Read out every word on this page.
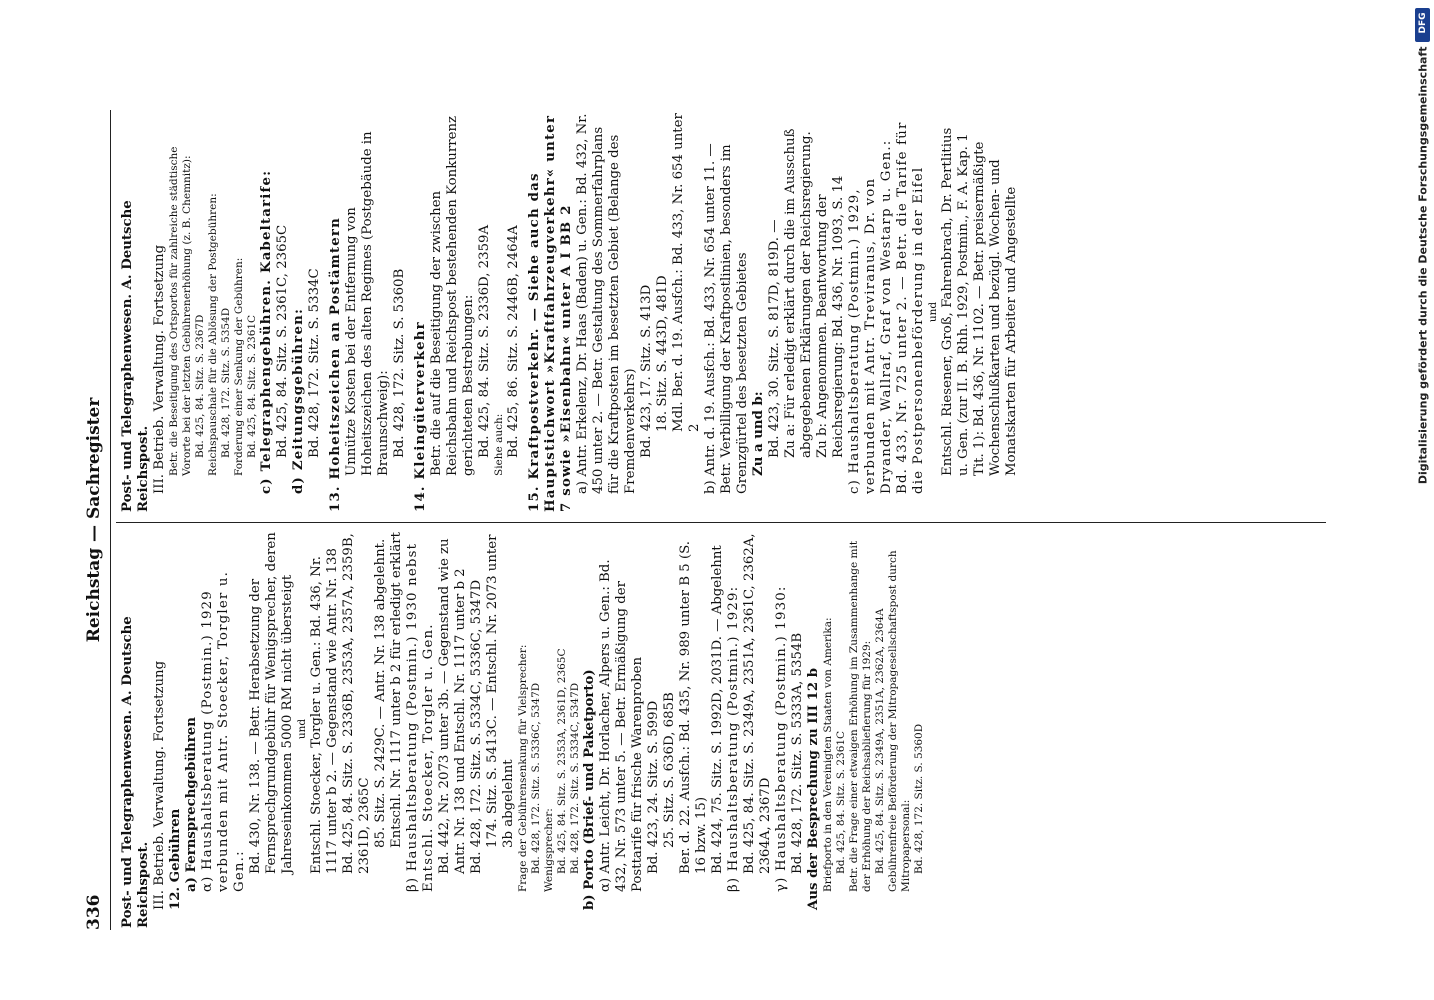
336
Reichstag — Sachregister

Post- und Telegraphenwesen. A. Deutsche Reichspost. III. Betrieb. Verwaltung. Fortsetzung 12. Gebühren a) Fernsprechgebühren α) Haushaltsberatung (Postmin.) 1929 verbunden mit Antr. Stoecker, Torgler u. Gen.: Bd. 430, Nr. 138. — Betr. Herabsetzung der Fernsprechgrundgebühr für Wenigsprecher, deren Jahreseinkommen 5000 RM nicht übersteigt und Entschl. Stoecker, Torgler u. Gen.: Bd. 436, Nr. 1117 unter b 2. — Gegenstand wie Antr. Nr. 138 Bd. 425, 84. Sitz. S. 2336B, 2353A, 2357A, 2359B, 2361D, 2365C 85. Sitz. S. 2429C. — Antr. Nr. 138 abgelehnt. Entschl. Nr. 1117 unter b 2 für erledigt erklärt β) Haushaltsberatung (Postmin.) 1930 nebst Entschl. Stoecker, Torgler u. Gen. Bd. 442, Nr. 2073 unter 3b. — Gegenstand wie zu Antr. Nr. 138 und Entschl. Nr. 1117 unter b 2 Bd. 428, 172. Sitz. S. 5334C, 5336C, 5347D 174. Sitz. S. 5413C. — Entschl. Nr. 2073 unter 3b abgelehnt Frage der Gebührensenkung für Vielsprecher: Bd. 428, 172. Sitz. S. 5336C, 5347D Wenigsprecher: Bd. 425, 84. Sitz. S. 2353A, 2361D, 2365C Bd. 428, 172. Sitz. S. 5334C, 5347D b) Porto (Brief- und Paketporto) α) Antr. Leicht, Dr. Horlacher, Alpers u. Gen.: Bd. 432, Nr. 573 unter 5. — Betr. Ermäßigung der Posttarife für frische Warenproben Bd. 423, 24. Sitz. S. 599D 25. Sitz. S. 636D, 685B Ber. d. 22. Ausfch.: Bd. 435, Nr. 989 unter B 5 (S. 16 bzw. 15) Bd. 424, 75. Sitz. S. 1992D, 2031D. — Abgelehnt β) Haushaltsberatung (Postmin.) 1929: Bd. 425, 84. Sitz. S. 2349A, 2351A, 2361C, 2362A, 2364A, 2367D γ) Haushaltsberatung (Postmin.) 1930: Bd. 428, 172. Sitz. S. 5333A, 5354B Aus der Besprechung zu III 12 b Briefporto in den Vereinigten Staaten von Amerika: Bd. 425, 84. Sitz. S. 2361C Betr. die Frage einer etwaigen Erhöhung im Zusammenhange mit der Erhöhung der Reichsabliefierung für 1929: Bd. 425, 84. Sitz. S. 2349A, 2351A, 2362A, 2364A Gebührenfreie Beförderung der Mitropagesellschaftspost durch Mitropapersonal: Bd. 428, 172. Sitz. S. 5360D

Post- und Telegraphenwesen. A. Deutsche Reichspost. III. Betrieb. Verwaltung. Fortsetzung Betr. die Beseitigung des Ortsportos für zahlreiche städtische Vororte bei der letzten Gebührenerhöhung (z. B. Chemnitz): Bd. 425, 84. Sitz. S. 2367D Reichspauschale für die Ablösung der Postgebühren: Bd. 428, 172. Sitz. S. 5354D Forderung einer Senkung der Gebühren: Bd. 425, 84. Sitz. S. 2361C c) Telegraphengebühren. Kabeltarife: Bd. 425, 84. Sitz. S. 2361C, 2365C d) Zeitungsgebühren: Bd. 428, 172. Sitz. S. 5334C 13. Hoheitszeichen an Postämtern Unnütze Kosten bei der Entfernung von Hoheitszeichen des alten Regimes (Postgebäude in Braunschweig): Bd. 428, 172. Sitz. S. 5360B 14. Kleingüterverkehr Betr. die auf die Beseitigung der zwischen Reichsbahn und Reichspost bestehenden Konkurrenz gerichteten Bestrebungen: Bd. 425, 84. Sitz. S. 2336D, 2359A Siehe auch: Bd. 425, 86. Sitz. S. 2446B, 2464A 15. Kraftpostverkehr. — Siehe auch das Hauptstichwort »Kraftfahrzeugverkehr« unter 7 sowie »Eisenbahn« unter A I BB 2 a) Antr. Erkelenz, Dr. Haas (Baden) u. Gen.: Bd. 432, Nr. 450 unter 2. — Betr. Gestaltung des Sommerfahrplans für die Kraftposten im besetzten Gebiet (Belange des Fremdenverkehrs) Bd. 423, 17. Sitz. S. 413D 18. Sitz. S. 443D, 481D Mdl. Ber. d. 19. Ausfch.: Bd. 433, Nr. 654 unter 2 b) Antr. d. 19. Ausfch.: Bd. 433, Nr. 654 unter 11. — Betr. Verbilligung der Kraftpostlinien, besonders im Grenzgürtel des besetzten Gebietes Zu a und b: Bd. 423, 30. Sitz. S. 817D, 819D. — Zu a: Für erledigt erklärt durch die im Ausschuß abgegebenen Erklärungen der Reichsregierung. Zu b: Angenommen. Beantwortung der Reichsregierung: Bd. 436, Nr. 1093, S. 14 c) Haushaltsberatung (Postmin.) 1929, verbunden mit Antr. Treviranus, Dr. von Dryander, Wallraf, Graf von Westarp u. Gen.: Bd. 433, Nr. 725 unter 2. — Betr. die Tarife für die Postpersonenbeförderung in der Eifel und Entschl. Riesener, Groß, Fahrenbrach, Dr. Pertlitius u. Gen. (zur II. B. Rhh. 1929, Postmin., F. A. Kap. 1 Tit. 1): Bd. 436, Nr. 1102. — Betr. preisermäßigte Wochenschlußkarten und bezügl. Wochen- und Monatskarten für Arbeiter und Angestellte

DFG
Digitalisierung gefördert durch die Deutsche Forschungsgemeinschaft
